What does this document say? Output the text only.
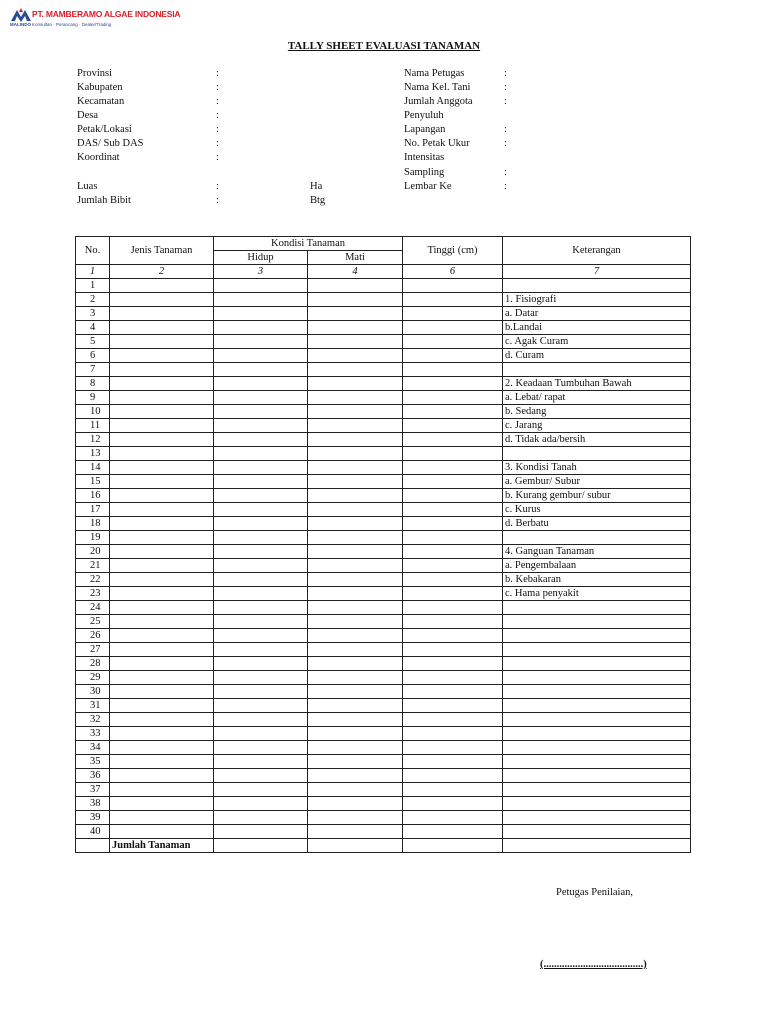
PT. MAMBERAMO ALGAE INDONESIA
MALINDO Konsultan · Perancang · Dealer/Trading
TALLY SHEET EVALUASI TANAMAN
Provinsi	:
Kabupaten	:
Kecamatan	:
Desa	:
Petak/Lokasi	:
DAS/ Sub DAS	:
Koordinat	:
Luas	:	Ha
Jumlah Bibit	:	Btg
Nama Petugas	:
Nama Kel. Tani	:
Jumlah Anggota	:
Penyuluh
Lapangan	:
No. Petak Ukur	:
Intensitas
Sampling	:
Lembar Ke	:
No.	Jenis Tanaman	Kondisi Tanaman		Tinggi (cm)	Keterangan
		Hidup	Mati		
1	2	3	4	6	7
1					
2					1. Fisiografi
3					a. Datar
4					b.Landai
5					c. Agak Curam
6					d. Curam
7					
8					2. Keadaan Tumbuhan Bawah
9					a. Lebat/ rapat
10					b. Sedang
11					c. Jarang
12					d. Tidak ada/bersih
13					
14					3. Kondisi Tanah
15					a. Gembur/ Subur
16					b. Kurang gembur/ subur
17					c. Kurus
18					d. Berbatu
19					
20					4. Ganguan Tanaman
21					a. Pengembalaan
22					b. Kebakaran
23					c. Hama penyakit
24					
25					
26					
27					
28					
29					
30					
31					
32					
33					
34					
35					
36					
37					
38					
39					
40					
	Jumlah Tanaman				
Petugas Penilaian,
(......................................)
